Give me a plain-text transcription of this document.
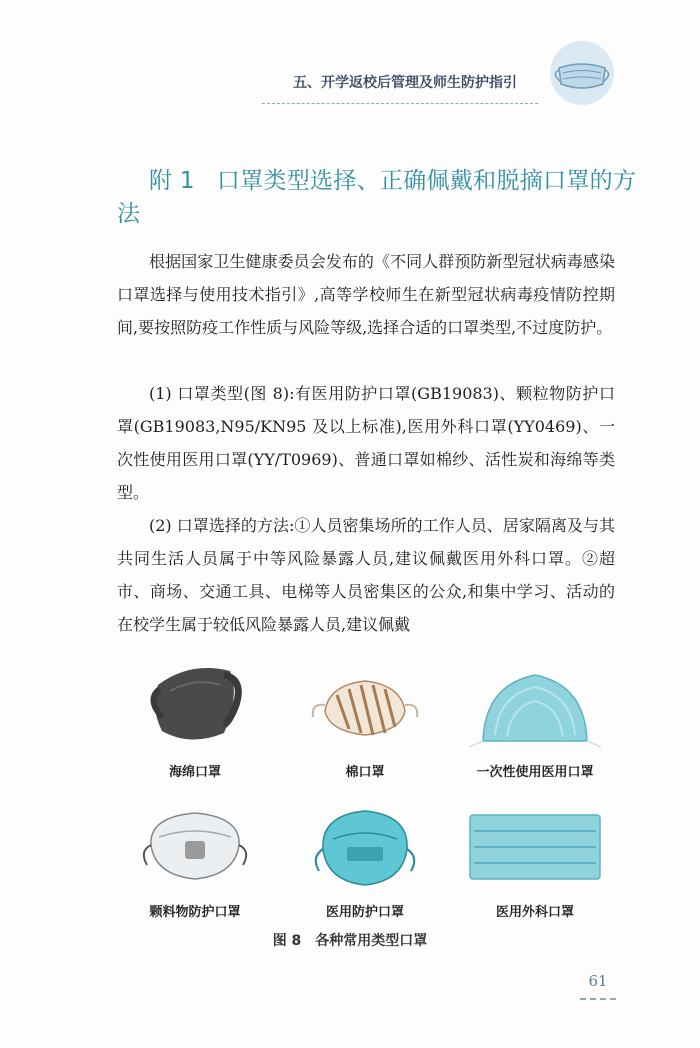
五、开学返校后管理及师生防护指引
附 1 口罩类型选择、正确佩戴和脱摘口罩的方法
根据国家卫生健康委员会发布的《不同人群预防新型冠状病毒感染口罩选择与使用技术指引》,高等学校师生在新型冠状病毒疫情防控期间,要按照防疫工作性质与风险等级,选择合适的口罩类型,不过度防护。
(1) 口罩类型(图 8):有医用防护口罩(GB19083)、颗粒物防护口罩(GB19083,N95/KN95 及以上标准),医用外科口罩(YY0469)、一次性使用医用口罩(YY/T0969)、普通口罩如棉纱、活性炭和海绵等类型。
(2) 口罩选择的方法:①人员密集场所的工作人员、居家隔离及与其共同生活人员属于中等风险暴露人员,建议佩戴医用外科口罩。②超市、商场、交通工具、电梯等人员密集区的公众,和集中学习、活动的在校学生属于较低风险暴露人员,建议佩戴
海绵口罩	棉口罩	一次性使用医用口罩
颗料物防护口罩	医用防护口罩	医用外科口罩
图 8　各种常用类型口罩
61
